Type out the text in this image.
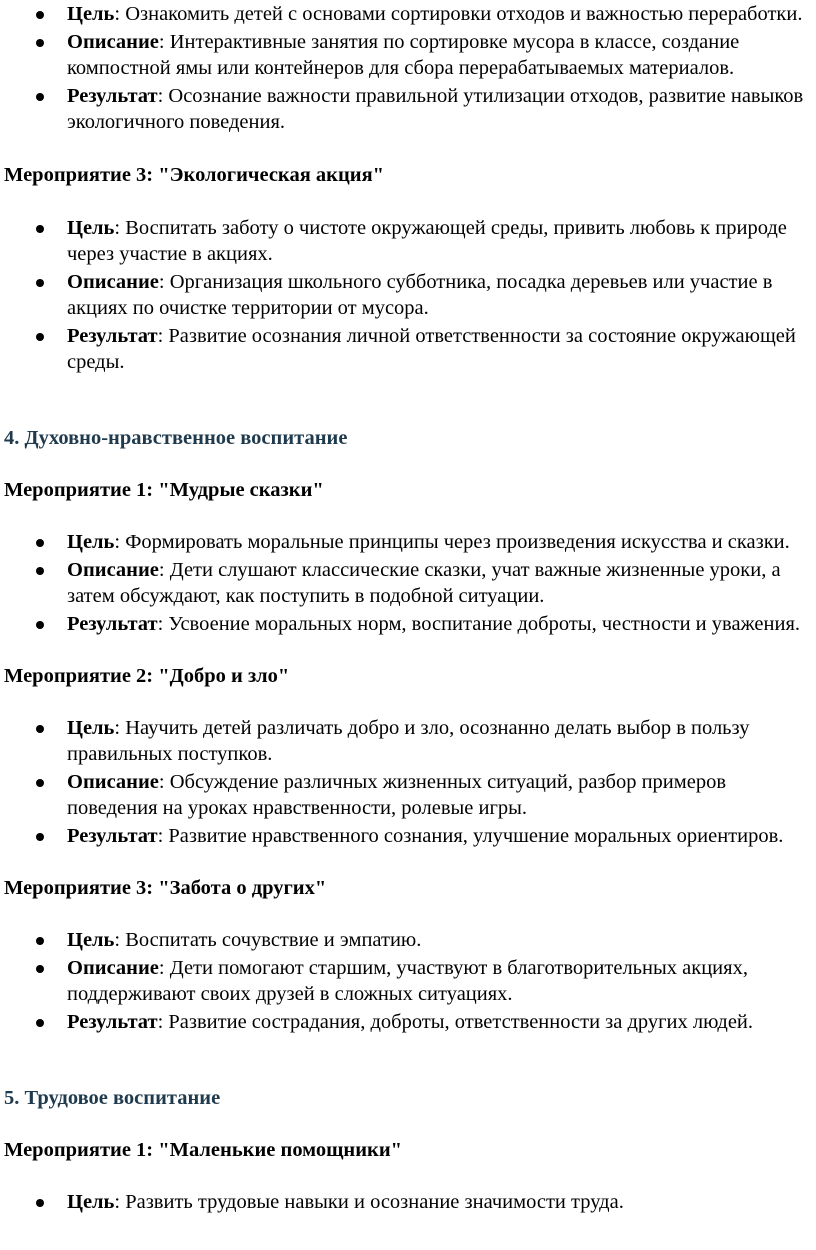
Цель: Ознакомить детей с основами сортировки отходов и важностью переработки.
Описание: Интерактивные занятия по сортировке мусора в классе, создание компостной ямы или контейнеров для сбора перерабатываемых материалов.
Результат: Осознание важности правильной утилизации отходов, развитие навыков экологичного поведения.

Мероприятие 3: "Экологическая акция"

Цель: Воспитать заботу о чистоте окружающей среды, привить любовь к природе через участие в акциях.
Описание: Организация школьного субботника, посадка деревьев или участие в акциях по очистке территории от мусора.
Результат: Развитие осознания личной ответственности за состояние окружающей среды.

4. Духовно-нравственное воспитание

Мероприятие 1: "Мудрые сказки"

Цель: Формировать моральные принципы через произведения искусства и сказки.
Описание: Дети слушают классические сказки, учат важные жизненные уроки, а затем обсуждают, как поступить в подобной ситуации.
Результат: Усвоение моральных норм, воспитание доброты, честности и уважения.

Мероприятие 2: "Добро и зло"

Цель: Научить детей различать добро и зло, осознанно делать выбор в пользу правильных поступков.
Описание: Обсуждение различных жизненных ситуаций, разбор примеров поведения на уроках нравственности, ролевые игры.
Результат: Развитие нравственного сознания, улучшение моральных ориентиров.

Мероприятие 3: "Забота о других"

Цель: Воспитать сочувствие и эмпатию.
Описание: Дети помогают старшим, участвуют в благотворительных акциях, поддерживают своих друзей в сложных ситуациях.
Результат: Развитие сострадания, доброты, ответственности за других людей.

5. Трудовое воспитание

Мероприятие 1: "Маленькие помощники"

Цель: Развить трудовые навыки и осознание значимости труда.
